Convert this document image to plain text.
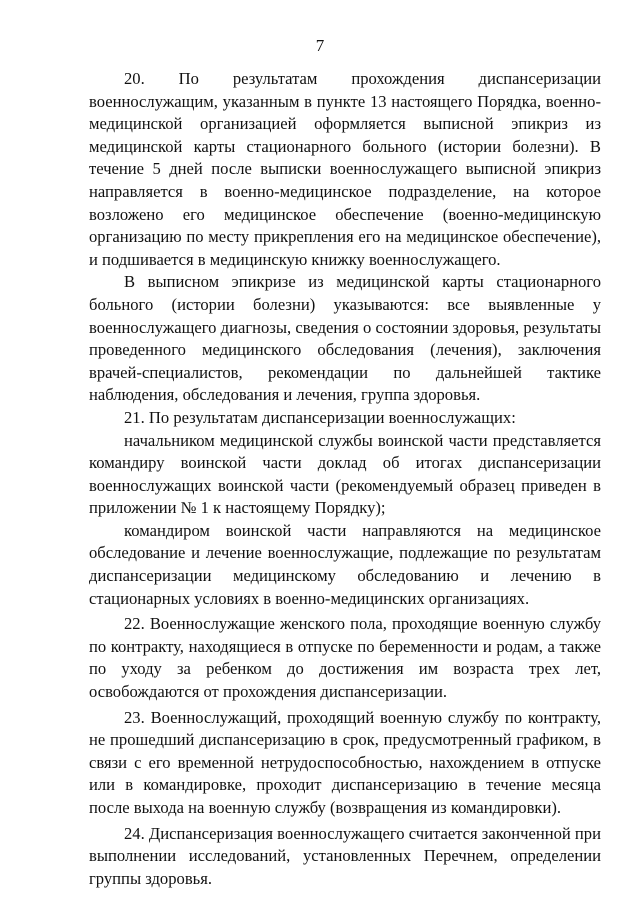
7

20. По результатам прохождения диспансеризации военнослужащим, указанным в пункте 13 настоящего Порядка, военно-медицинской организацией оформляется выписной эпикриз из медицинской карты стационарного больного (истории болезни). В течение 5 дней после выписки военнослужащего выписной эпикриз направляется в военно-медицинское подразделение, на которое возложено его медицинское обеспечение (военно-медицинскую организацию по месту прикрепления его на медицинское обеспечение), и подшивается в медицинскую книжку военнослужащего.

В выписном эпикризе из медицинской карты стационарного больного (истории болезни) указываются: все выявленные у военнослужащего диагнозы, сведения о состоянии здоровья, результаты проведенного медицинского обследования (лечения), заключения врачей-специалистов, рекомендации по дальнейшей тактике наблюдения, обследования и лечения, группа здоровья.

21. По результатам диспансеризации военнослужащих:

начальником медицинской службы воинской части представляется командиру воинской части доклад об итогах диспансеризации военнослужащих воинской части (рекомендуемый образец приведен в приложении № 1 к настоящему Порядку);

командиром воинской части направляются на медицинское обследование и лечение военнослужащие, подлежащие по результатам диспансеризации медицинскому обследованию и лечению в стационарных условиях в военно-медицинских организациях.

22. Военнослужащие женского пола, проходящие военную службу по контракту, находящиеся в отпуске по беременности и родам, а также по уходу за ребенком до достижения им возраста трех лет, освобождаются от прохождения диспансеризации.

23. Военнослужащий, проходящий военную службу по контракту, не прошедший диспансеризацию в срок, предусмотренный графиком, в связи с его временной нетрудоспособностью, нахождением в отпуске или в командировке, проходит диспансеризацию в течение месяца после выхода на военную службу (возвращения из командировки).

24. Диспансеризация военнослужащего считается законченной при выполнении исследований, установленных Перечнем, определении группы здоровья.
